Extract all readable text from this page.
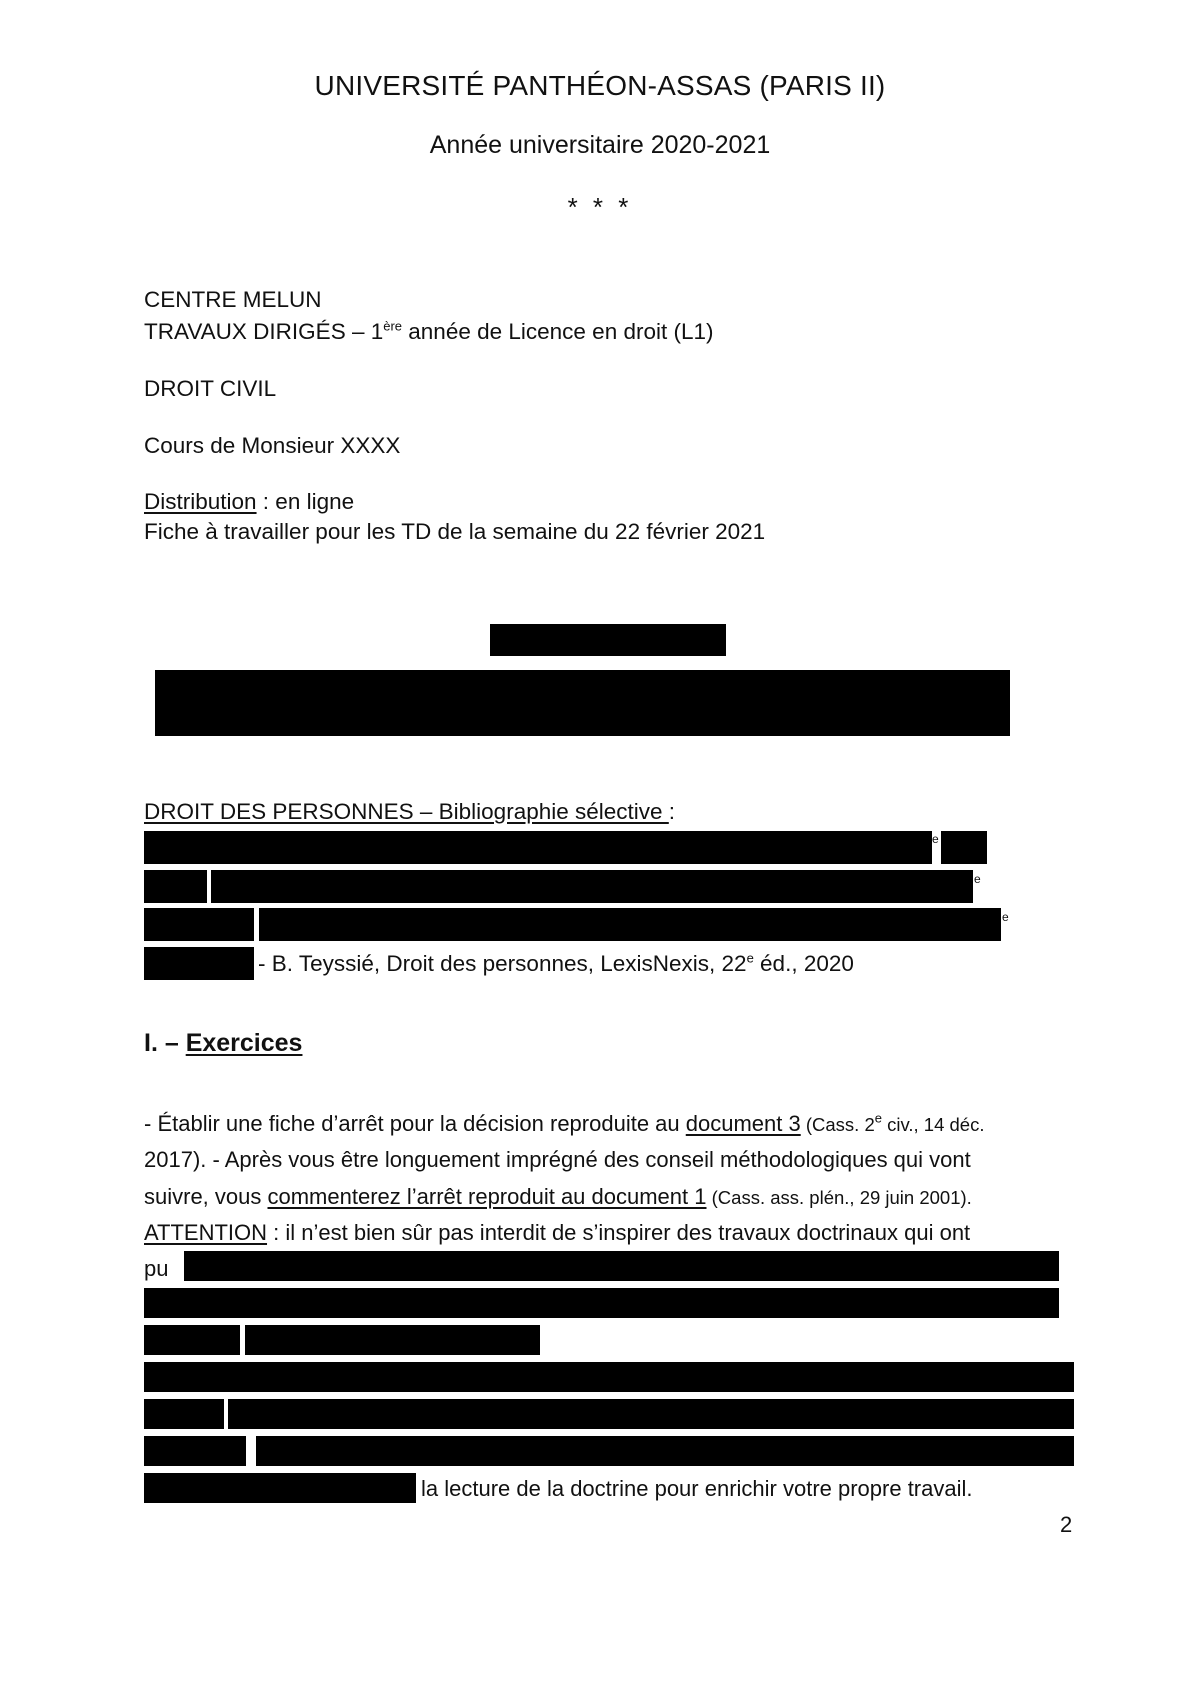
UNIVERSITÉ PANTHÉON-ASSAS (PARIS II)
Année universitaire 2020-2021
* * *
CENTRE MELUN
TRAVAUX DIRIGÉS – 1ère année de Licence en droit (L1)
DROIT CIVIL
Cours de Monsieur XXXX
Distribution : en ligne
Fiche à travailler pour les TD de la semaine du 22 février 2021
DROIT DES PERSONNES – Bibliographie sélective :
e
e
e
- B. Teyssié, Droit des personnes, LexisNexis, 22e éd., 2020
I. – Exercices
- Établir une fiche d’arrêt pour la décision reproduite au document 3 (Cass. 2e civ., 14 déc.
2017). - Après vous être longuement imprégné des conseil méthodologiques qui vont
suivre, vous commenterez l’arrêt reproduit au document 1 (Cass. ass. plén., 29 juin 2001).
ATTENTION : il n’est bien sûr pas interdit de s’inspirer des travaux doctrinaux qui ont
pu
la lecture de la doctrine pour enrichir votre propre travail.
2
